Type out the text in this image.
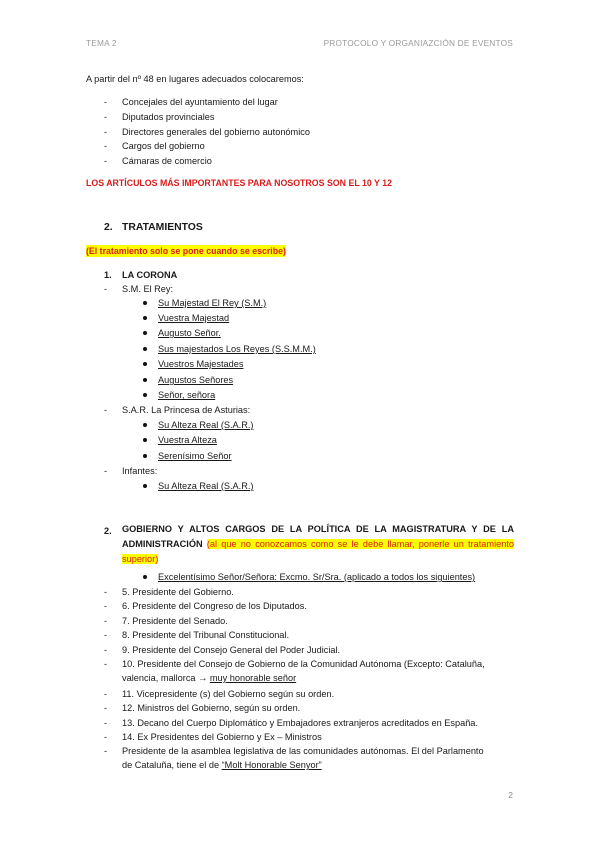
TEMA 2	PROTOCOLO Y ORGANIAZCIÓN DE EVENTOS
A partir del nº 48 en lugares adecuados colocaremos:
- Concejales del ayuntamiento del lugar
- Diputados provinciales
- Directores generales del gobierno autonómico
- Cargos del gobierno
- Cámaras de comercio
LOS ARTÍCULOS MÁS IMPORTANTES PARA NOSOTROS SON EL 10 Y 12
2. TRATAMIENTOS
(El tratamiento solo se pone cuando se escribe)
1. LA CORONA
- S.M. El Rey:
Su Majestad El Rey (S.M.)
Vuestra Majestad
Augusto Señor.
Sus majestados Los Reyes (S.S.M.M.)
Vuestros Majestades
Augustos Señores
Señor, señora
- S.A.R. La Princesa de Asturias:
Su Alteza Real (S.A.R.)
Vuestra Alteza
Serenísimo Señor
- Infantes:
Su Alteza Real (S.A.R.)
2. GOBIERNO Y ALTOS CARGOS DE LA POLÍTICA DE LA MAGISTRATURA Y DE LA ADMINISTRACIÓN (al que no conozcamos como se le debe llamar, ponerle un tratamiento superior)
Excelentísimo Señor/Señora: Excmo. Sr/Sra. (aplicado a todos los siguientes)
- 5. Presidente del Gobierno.
- 6. Presidente del Congreso de los Diputados.
- 7. Presidente del Senado.
- 8. Presidente del Tribunal Constitucional.
- 9. Presidente del Consejo General del Poder Judicial.
- 10. Presidente del Consejo de Gobierno de la Comunidad Autónoma (Excepto: Cataluña,
valencia, mallorca → muy honorable señor
- 11. Vicepresidente (s) del Gobierno según su orden.
- 12. Ministros del Gobierno, según su orden.
- 13. Decano del Cuerpo Diplomático y Embajadores extranjeros acreditados en España.
- 14. Ex Presidentes del Gobierno y Ex – Ministros
- Presidente de la asamblea legislativa de las comunidades autónomas. El del Parlamento
de Cataluña, tiene el de “Molt Honorable Senyor”
2
